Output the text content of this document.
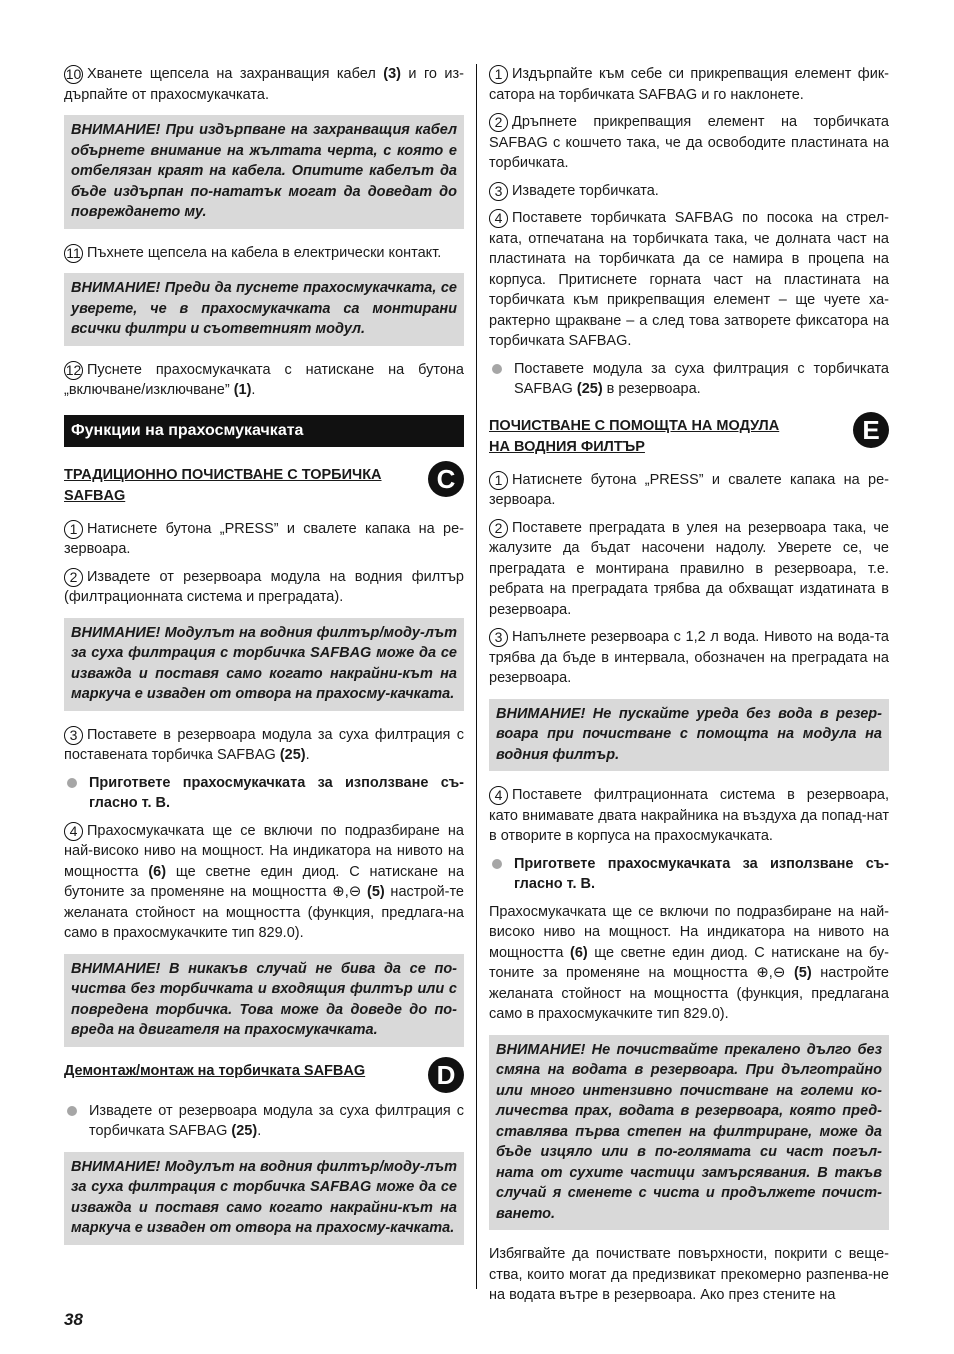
10 Хванете щепсела на захранващия кабел (3) и го из-дърпайте от прахосмукачката.

ВНИМАНИЕ! При издърпване на захранващия кабел обърнете внимание на жълтата черта, с която е отбелязан краят на кабела. Опитите кабелът да бъде издърпан по-нататък могат да доведат до повреждането му.

11 Пъхнете щепсела на кабела в електрически контакт.

ВНИМАНИЕ! Преди да пуснете прахосмукачката, се уверете, че в прахосмукачката са монтирани всички филтри и съответният модул.

12 Пуснете прахосмукачката с натискане на бутона „включване/изключване” (1).

Функции на прахосмукачката
ТРАДИЦИОННО ПОЧИСТВАНЕ С ТОРБИЧКА SAFBAG
C

1 Натиснете бутона „PRESS” и свалете капака на ре-зервоара.

2 Извадете от резервоара модула на водния филтър (филтрационната система и преградата).

ВНИМАНИЕ! Модулът на водния филтър/моду-лът за суха филтрация с торбичка SAFBAG може да се изважда и поставя само когато накрайни-кът на маркуча е изваден от отвора на прахосму-качката.

3 Поставете в резервоара модула за суха филтрация с поставената торбичка SAFBAG (25).

Пригответе прахосмукачката за използване съ-гласно т. B.

4 Прахосмукачката ще се включи по подразбиране на най-високо ниво на мощност. На индикатора на нивото на мощността (6) ще светне един диод. С натискане на бутоните за променяне на мощността ⊕,⊖ (5) настрой-те желаната стойност на мощността (функция, предлага-на само в прахосмукачките тип 829.0).

ВНИМАНИЕ! В никакъв случай не бива да се по-чиства без торбичката и входящия филтър или с повредена торбичка. Това може да доведе до по-вреда на двигателя на прахосмукачката.
Демонтаж/монтаж на торбичката SAFBAG	D
Извадете от резервоара модула за суха филтрация с торбичката SAFBAG (25).
ВНИМАНИЕ! Модулът на водния филтър/моду-лът за суха филтрация с торбичка SAFBAG може да се изважда и поставя само когато накрайни-кът на маркуча е изваден от отвора на прахосму-качката.

1 Издърпайте към себе си прикрепващия елемент фик-сатора на торбичката SAFBAG и го наклонете.

2 Дръпнете прикрепващия елемент на торбичката SAFBAG с кошчето така, че да освободите пластината на торбичката.

3 Извадете торбичката.

4 Поставете торбичката SAFBAG по посока на стрел-ката, отпечатана на торбичката така, че долната част на пластината на торбичката да се намира в процепа на корпуса. Притиснете горната част на пластината на торбичката към прикрепващия елемент – ще чуете ха-рактерно щракване – а след това затворете фиксатора на торбичката SAFBAG.

Поставете модула за суха филтрация с торбичката SAFBAG (25) в резервоара.
ПОЧИСТВАНЕ С ПОМОЩТА НА МОДУЛА НА ВОДНИЯ ФИЛТЪР
E

1 Натиснете бутона „PRESS” и свалете капака на ре-зервоара.

2 Поставете преградата в улея на резервоара така, че жалузите да бъдат насочени надолу. Уверете се, че преградата е монтирана правилно в резервоара, т.е. ребрата на преградата трябва да обхващат издатината в резервоара.

3 Напълнете резервоара с 1,2 л вода. Нивото на вода-та трябва да бъде в интервала, обозначен на преградата на резервоара.

ВНИМАНИЕ! Не пускайте уреда без вода в резер-воара при почистване с помощта на модула на водния филтър.

4 Поставете филтрационната система в резервоара, като внимавате двата накрайника на въздуха да попад-нат в отворите в корпуса на прахосмукачката.

Пригответе прахосмукачката за използване съ-гласно т. B.

Прахосмукачката ще се включи по подразбиране на най-високо ниво на мощност. На индикатора на нивото на мощността (6) ще светне един диод. С натискане на бу-тоните за променяне на мощността ⊕,⊖ (5) настройте желаната стойност на мощността (функция, предлагана само в прахосмукачките тип 829.0).

ВНИМАНИЕ! Не почиствайте прекалено дълго без смяна на водата в резервоара. При дълготрайно или много интензивно почистване на големи ко-личества прах, водата в резервоара, която пред-ставлява първа степен на филтриране, може да бъде изцяло или в по-голямата си част погъл-ната от сухите частици замърсявания. В такъв случай я сменете с чиста и продължете почист-ването.

Избягвайте да почиствате повърхности, покрити с веще-ства, които могат да предизвикат прекомерно разпенва-не на водата вътре в резервоара. Ако през стените на

38
